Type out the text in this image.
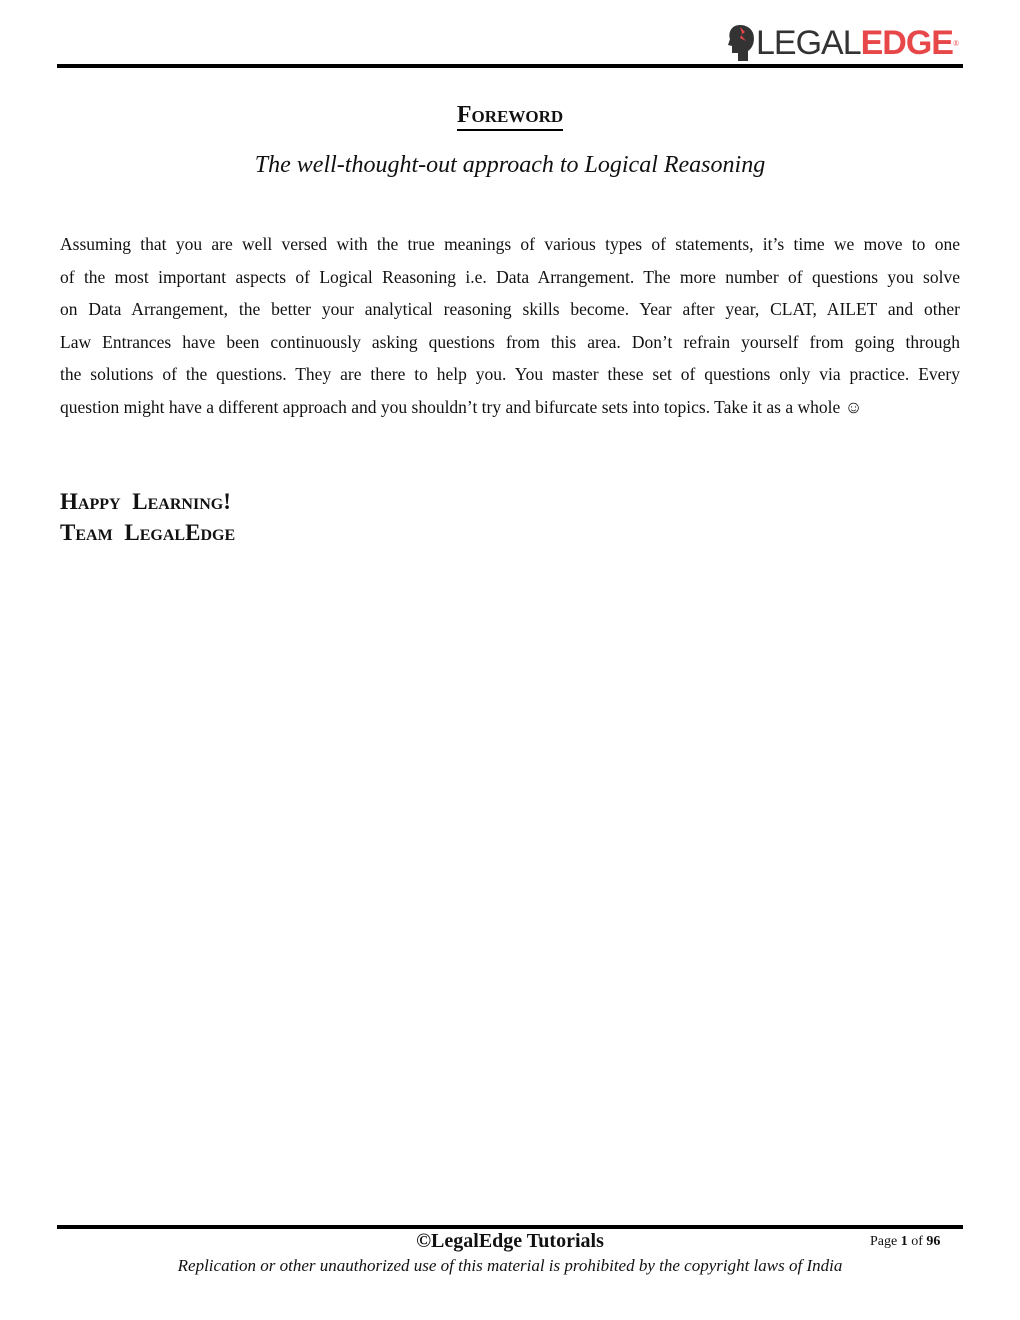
LEGAL EDGE ®
Foreword
The well-thought-out approach to Logical Reasoning
Assuming that you are well versed with the true meanings of various types of statements, it’s time we move to one
of the most important aspects of Logical Reasoning i.e. Data Arrangement. The more number of questions you solve
on Data Arrangement, the better your analytical reasoning skills become. Year after year, CLAT, AILET and other
Law Entrances have been continuously asking questions from this area. Don’t refrain yourself from going through
the solutions of the questions. They are there to help you. You master these set of questions only via practice. Every
question might have a different approach and you shouldn’t try and bifurcate sets into topics. Take it as a whole ☺
Happy Learning!
Team LegalEdge
©LegalEdge Tutorials	Page 1 of 96
Replication or other unauthorized use of this material is prohibited by the copyright laws of India
